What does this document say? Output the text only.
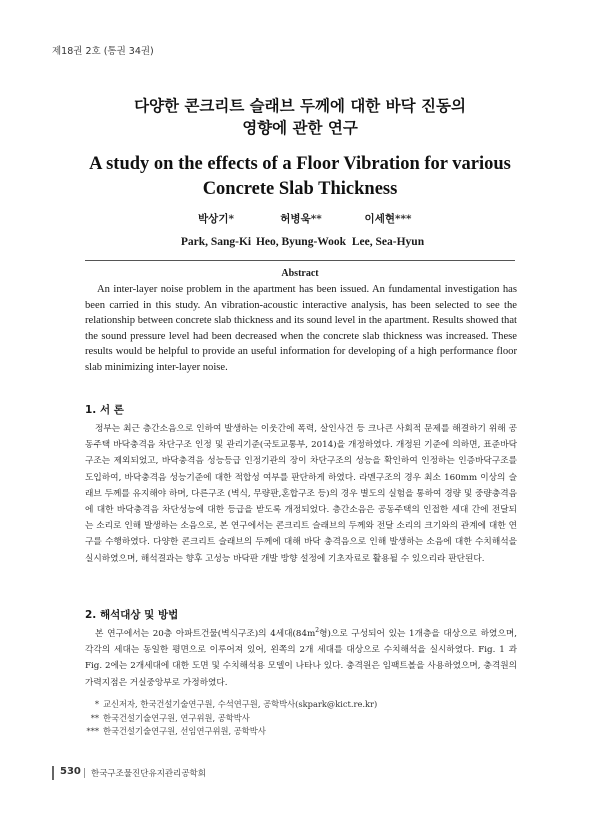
제18권 2호 (통권 34권)
다양한 콘크리트 슬래브 두께에 대한 바닥 진동의
영향에 관한 연구
A study on the effects of a Floor Vibration for various
Concrete Slab Thickness
박상기*
Park, Sang-Ki
허병욱**
Heo, Byung-Wook
이세현***
Lee, Sea-Hyun
Abstract

An inter-layer noise problem in the apartment has been issued. An fundamental investigation has been carried in this study. An vibration-acoustic interactive analysis, has been selected to see the relationship between concrete slab thickness and its sound level in the apartment. Results showed that the sound pressure level had been decreased when the concrete slab thickness was increased. These results would be helpful to provide an useful information for developing of a high performance floor slab minimizing inter-layer noise.

1. 서 론

정부는 최근 층간소음으로 인하여 발생하는 이웃간에 폭력, 살인사건 등 크나큰 사회적 문제를 해결하기 위해 공동주택 바닥충격음 차단구조 인정 및 관리기준(국토교통부, 2014)을 개정하였다. 개정된 기준에 의하면, 표준바닥구조는 제외되었고, 바닥충격음 성능등급 인정기관의 장이 차단구조의 성능을 확인하여 인정하는 인증바닥구조를 도입하여, 바닥충격음 성능기준에 대한 적합성 여부를 판단하게 하였다. 라멘구조의 경우 최소 160mm 이상의 슬래브 두께를 유지해야 하며, 다른구조 (벽식, 무량판,혼합구조 등)의 경우 별도의 실험을 통하여 경량 및 중량충격음에 대한 바닥충격음 차단성능에 대한 등급을 받도록 개정되었다. 층간소음은 공동주택의 인접한 세대 간에 전달되는 소리로 인해 발생하는 소음으로, 본 연구에서는 콘크리트 슬래브의 두께와 전달 소리의 크기와의 관계에 대한 연구를 수행하였다. 다양한 콘크리트 슬래브의 두께에 대해 바닥 충격음으로 인해 발생하는 소음에 대한 수치해석을 실시하였으며, 해석결과는 향후 고성능 바닥판 개발 방향 설정에 기초자료로 활용될 수 있으리라 판단된다.

2. 해석대상 및 방법

본 연구에서는 20층 아파트건물(벽식구조)의 4세대($84m^2$형)으로 구성되어 있는 1개층을 대상으로 하였으며, 각각의 세대는 동일한 평면으로 이루어져 있어, 왼쪽의 2개 세대를 대상으로 수치해석을 실시하였다. Fig. 1 과 Fig. 2에는 2개세대에 대한 도면 및 수치해석용 모델이 나타나 있다. 충격원은 임팩트볼을 사용하였으며, 충격원의 가력지점은 거실중앙부로 가정하였다.

* 교신저자, 한국건설기술연구원, 수석연구원, 공학박사(skpark@kict.re.kr)
** 한국건설기술연구원, 연구위원, 공학박사
*** 한국건설기술연구원, 선임연구위원, 공학박사
530 한국구조물진단유지관리공학회
